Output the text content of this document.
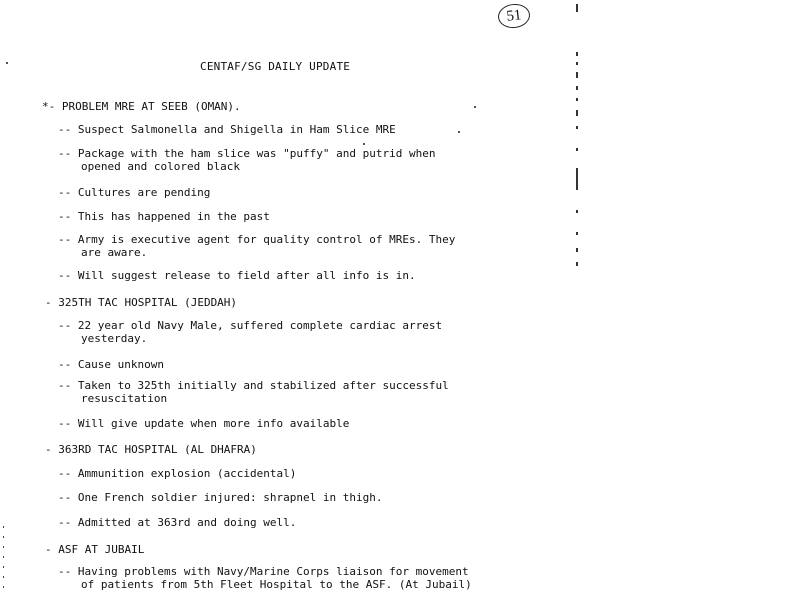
51
CENTAF/SG DAILY UPDATE
*- PROBLEM MRE AT SEEB (OMAN).
-- Suspect Salmonella and Shigella in Ham Slice MRE
-- Package with the ham slice was "puffy" and putrid when
opened and colored black
-- Cultures are pending
-- This has happened in the past
-- Army is executive agent for quality control of MREs. They
are aware.
-- Will suggest release to field after all info is in.
- 325TH TAC HOSPITAL (JEDDAH)
-- 22 year old Navy Male, suffered complete cardiac arrest
yesterday.
-- Cause unknown
-- Taken to 325th initially and stabilized after successful
resuscitation
-- Will give update when more info available
- 363RD TAC HOSPITAL (AL DHAFRA)
-- Ammunition explosion (accidental)
-- One French soldier injured: shrapnel in thigh.
-- Admitted at 363rd and doing well.
- ASF AT JUBAIL
-- Having problems with Navy/Marine Corps liaison for movement
of patients from 5th Fleet Hospital to the ASF. (At Jubail)
